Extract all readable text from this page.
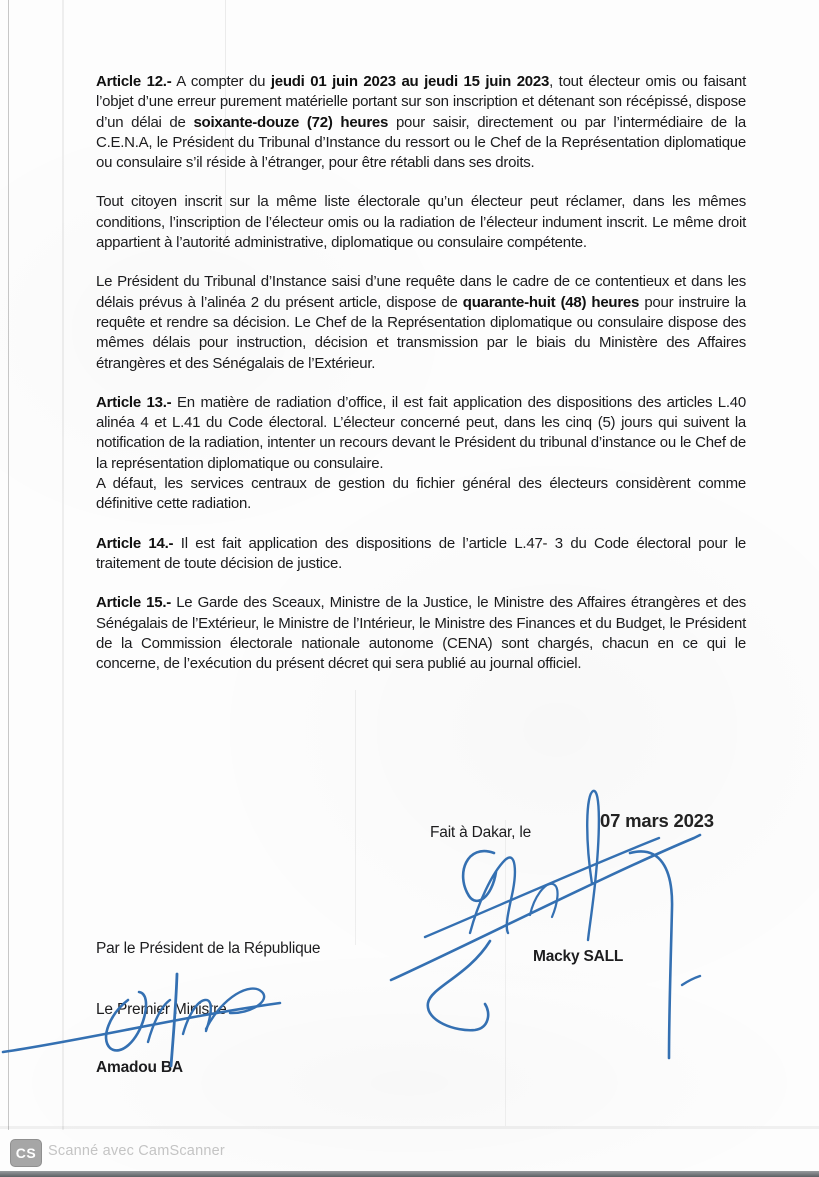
Article 12.- A compter du jeudi 01 juin 2023 au jeudi 15 juin 2023, tout électeur omis ou faisant l’objet d’une erreur purement matérielle portant sur son inscription et détenant son récépissé, dispose d’un délai de soixante-douze (72) heures pour saisir, directement ou par l’intermédiaire de la C.E.N.A, le Président du Tribunal d’Instance du ressort ou le Chef de la Représentation diplomatique ou consulaire s’il réside à l’étranger, pour être rétabli dans ses droits.

Tout citoyen inscrit sur la même liste électorale qu’un électeur peut réclamer, dans les mêmes conditions, l’inscription de l’électeur omis ou la radiation de l’électeur indument inscrit. Le même droit appartient à l’autorité administrative, diplomatique ou consulaire compétente.

Le Président du Tribunal d’Instance saisi d’une requête dans le cadre de ce contentieux et dans les délais prévus à l’alinéa 2 du présent article, dispose de quarante-huit (48) heures pour instruire la requête et rendre sa décision. Le Chef de la Représentation diplomatique ou consulaire dispose des mêmes délais pour instruction, décision et transmission par le biais du Ministère des Affaires étrangères et des Sénégalais de l’Extérieur.

Article 13.- En matière de radiation d’office, il est fait application des dispositions des articles L.40 alinéa 4 et L.41 du Code électoral. L’électeur concerné peut, dans les cinq (5) jours qui suivent la notification de la radiation, intenter un recours devant le Président du tribunal d’instance ou le Chef de la représentation diplomatique ou consulaire.

A défaut, les services centraux de gestion du fichier général des électeurs considèrent comme définitive cette radiation.

Article 14.- Il est fait application des dispositions de l’article L.47- 3 du Code électoral pour le traitement de toute décision de justice.

Article 15.- Le Garde des Sceaux, Ministre de la Justice, le Ministre des Affaires étrangères et des Sénégalais de l’Extérieur, le Ministre de l’Intérieur, le Ministre des Finances et du Budget, le Président de la Commission électorale nationale autonome (CENA) sont chargés, chacun en ce qui le concerne, de l’exécution du présent décret qui sera publié au journal officiel.

Fait à Dakar, le
07 mars 2023
Macky SALL
Par le Président de la République
Le Premier Ministre
Amadou BA
CS Scanné avec CamScanner
